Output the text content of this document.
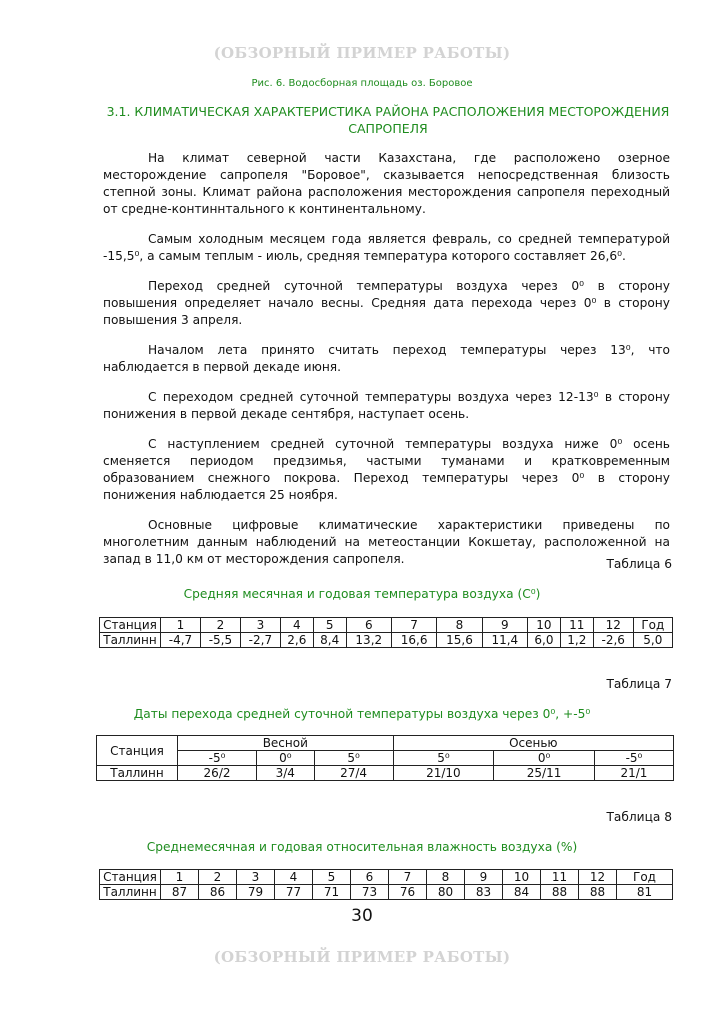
(ОБЗОРНЫЙ ПРИМЕР РАБОТЫ)
Рис. 6. Водосборная площадь оз. Боровое
3.1. КЛИМАТИЧЕСКАЯ ХАРАКТЕРИСТИКА РАЙОНА РАСПОЛОЖЕНИЯ МЕСТОРОЖДЕНИЯ САПРОПЕЛЯ

На климат северной части Казахстана, где расположено озерное месторождение сапропеля "Боровое", сказывается непосредственная близость степной зоны. Климат района расположения месторождения сапропеля переходный от средне-континнтального к континентальному.

Самым холодным месяцем года является февраль, со средней температурой -15,5⁰, а самым теплым - июль, средняя температура которого составляет 26,6⁰.

Переход средней суточной температуры воздуха через 0⁰ в сторону повышения определяет начало весны. Средняя дата перехода через 0⁰ в сторону повышения 3 апреля.

Началом лета принято считать переход температуры через 13⁰, что наблюдается в первой декаде июня.

С переходом средней суточной температуры воздуха через 12-13⁰ в сторону понижения в первой декаде сентября, наступает осень.

С наступлением средней суточной температуры воздуха ниже 0⁰ осень сменяется периодом предзимья, частыми туманами и кратковременным образованием снежного покрова. Переход температуры через 0⁰ в сторону понижения наблюдается 25 ноября.

Основные цифровые климатические характеристики приведены по многолетним данным наблюдений на метеостанции Кокшетау, расположенной на запад в 11,0 км от месторождения сапропеля.	Таблица 6
Средняя месячная и годовая температура воздуха (С⁰)
Станция	1	2	3	4	5	6	7	8	9	10	11	12	Год
Таллинн	-4,7	-5,5	-2,7	2,6	8,4	13,2	16,6	15,6	11,4	6,0	1,2	-2,6	5,0
Таблица 7
Даты перехода средней суточной температуры воздуха через 0⁰, +-5⁰
Станция	Весной			Осенью		
	-5⁰	0⁰	5⁰	5⁰	0⁰	-5⁰
Таллинн	26/2	3/4	27/4	21/10	25/11	21/1
Таблица 8
Среднемесячная и годовая относительная влажность воздуха (%)
Станция	1	2	3	4	5	6	7	8	9	10	11	12	Год
Таллинн	87	86	79	77	71	73	76	80	83	84	88	88	81
30
(ОБЗОРНЫЙ ПРИМЕР РАБОТЫ)
